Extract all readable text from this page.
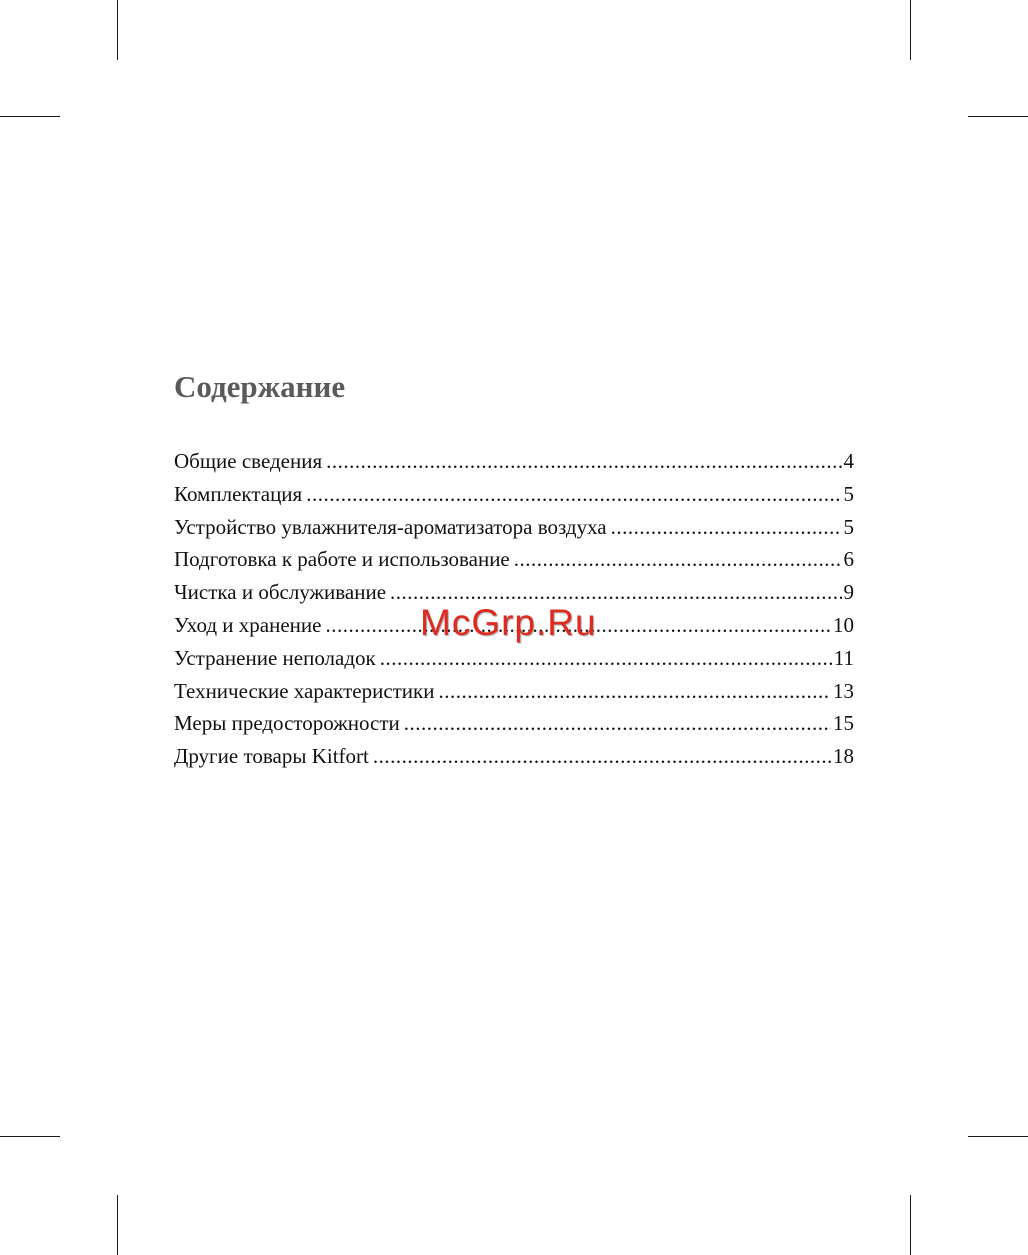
Содержание
Общие сведения .....	4
Комплектация .....	5
Устройство увлажнителя-ароматизатора воздуха .....	5
Подготовка к работе и использование .....	6
Чистка и обслуживание .....	9
Уход и хранение .....	10
Устранение неполадок .....	11
Технические характеристики .....	13
Меры предосторожности .....	15
Другие товары Kitfort .....	18
McGrp.Ru
